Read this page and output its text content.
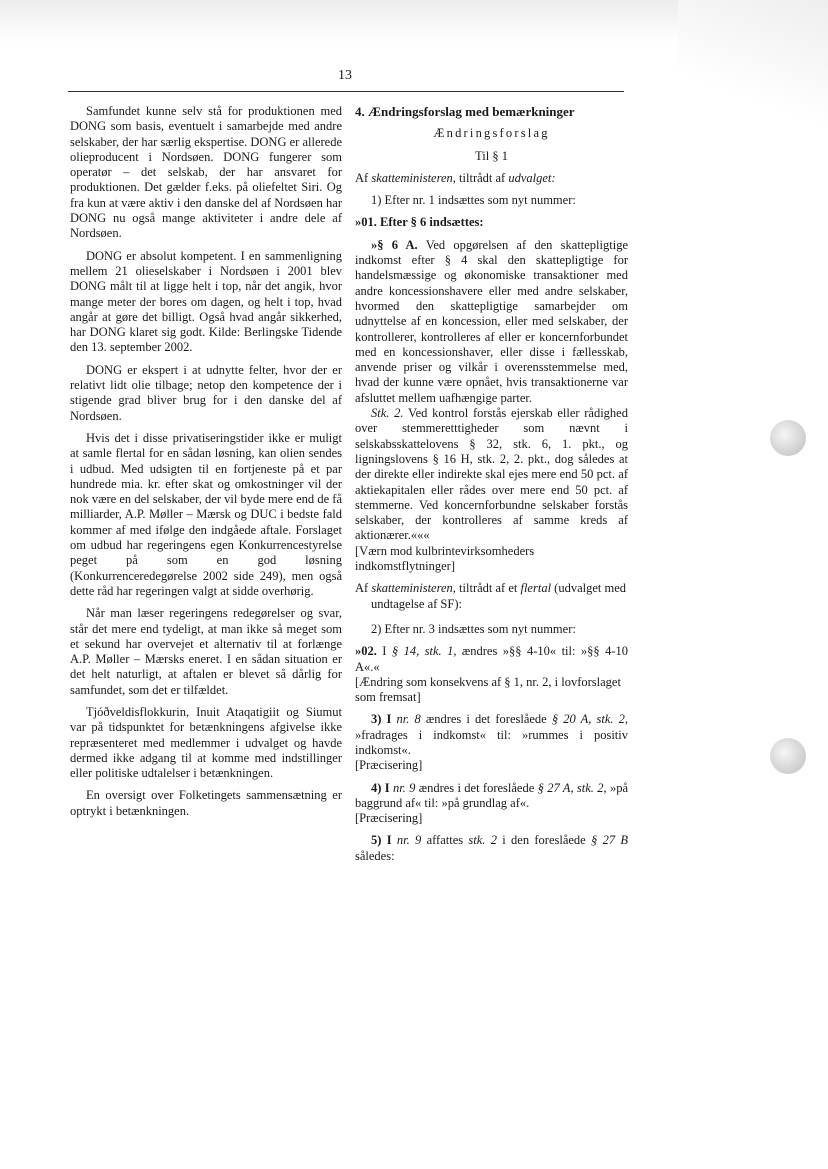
13

Samfundet kunne selv stå for produktionen med DONG som basis, eventuelt i samarbejde med andre selskaber, der har særlig ekspertise. DONG er allerede olieproducent i Nordsøen. DONG fungerer som operatør – det selskab, der har ansvaret for produktionen. Det gælder f.eks. på oliefeltet Siri. Og fra kun at være aktiv i den danske del af Nordsøen har DONG nu også mange aktiviteter i andre dele af Nordsøen.

DONG er absolut kompetent. I en sammenligning mellem 21 olieselskaber i Nordsøen i 2001 blev DONG målt til at ligge helt i top, når det angik, hvor mange meter der bores om dagen, og helt i top, hvad angår at gøre det billigt. Også hvad angår sikkerhed, har DONG klaret sig godt. Kilde: Berlingske Tidende den 13. september 2002.

DONG er ekspert i at udnytte felter, hvor der er relativt lidt olie tilbage; netop den kompetence der i stigende grad bliver brug for i den danske del af Nordsøen.

Hvis det i disse privatiseringstider ikke er muligt at samle flertal for en sådan løsning, kan olien sendes i udbud. Med udsigten til en fortjeneste på et par hundrede mia. kr. efter skat og omkostninger vil der nok være en del selskaber, der vil byde mere end de få milliarder, A.P. Møller – Mærsk og DUC i bedste fald kommer af med ifølge den indgåede aftale. Forslaget om udbud har regeringens egen Konkurrencestyrelse peget på som en god løsning (Konkurrenceredegørelse 2002 side 249), men også dette råd har regeringen valgt at sidde overhørig.

Når man læser regeringens redegørelser og svar, står det mere end tydeligt, at man ikke så meget som et sekund har overvejet et alternativ til at forlænge A.P. Møller – Mærsks eneret. I en sådan situation er det helt naturligt, at aftalen er blevet så dårlig for samfundet, som det er tilfældet.

Tjóðveldisflokkurin, Inuit Ataqatigiit og Siumut var på tidspunktet for betænkningens afgivelse ikke repræsenteret med medlemmer i udvalget og havde dermed ikke adgang til at komme med indstillinger eller politiske udtalelser i betænkningen.

En oversigt over Folketingets sammensætning er optrykt i betænkningen.

4. Ændringsforslag med bemærkninger

Ændringsforslag

Til § 1

Af skatteministeren, tiltrådt af udvalget:

1) Efter nr. 1 indsættes som nyt nummer:

»01. Efter § 6 indsættes:

»§ 6 A. Ved opgørelsen af den skattepligtige indkomst efter § 4 skal den skattepligtige for handelsmæssige og økonomiske transaktioner med andre koncessionshavere eller med andre selskaber, hvormed den skattepligtige samarbejder om udnyttelse af en koncession, eller med selskaber, der kontrollerer, kontrolleres af eller er koncernforbundet med en koncessionshaver, eller disse i fællesskab, anvende priser og vilkår i overensstemmelse med, hvad der kunne være opnået, hvis transaktionerne var afsluttet mellem uafhængige parter.

Stk. 2. Ved kontrol forstås ejerskab eller rådighed over stemmeretttigheder som nævnt i selskabsskattelovens § 32, stk. 6, 1. pkt., og ligningslovens § 16 H, stk. 2, 2. pkt., dog således at der direkte eller indirekte skal ejes mere end 50 pct. af aktiekapitalen eller rådes over mere end 50 pct. af stemmerne. Ved koncernforbundne selskaber forstås selskaber, der kontrolleres af samme kreds af aktionærer.«««

[Værn mod kulbrintevirksomheders indkomstflytninger]

Af skatteministeren, tiltrådt af et flertal (udvalget med undtagelse af SF):

2) Efter nr. 3 indsættes som nyt nummer:

»02. I § 14, stk. 1, ændres »§§ 4-10« til: »§§ 4-10 A«.«

[Ændring som konsekvens af § 1, nr. 2, i lovforslaget som fremsat]

3) I nr. 8 ændres i det foreslåede § 20 A, stk. 2, »fradrages i indkomst« til: »rummes i positiv indkomst«.

[Præcisering]

4) I nr. 9 ændres i det foreslåede § 27 A, stk. 2, »på baggrund af« til: »på grundlag af«.

[Præcisering]

5) I nr. 9 affattes stk. 2 i den foreslåede § 27 B således:
